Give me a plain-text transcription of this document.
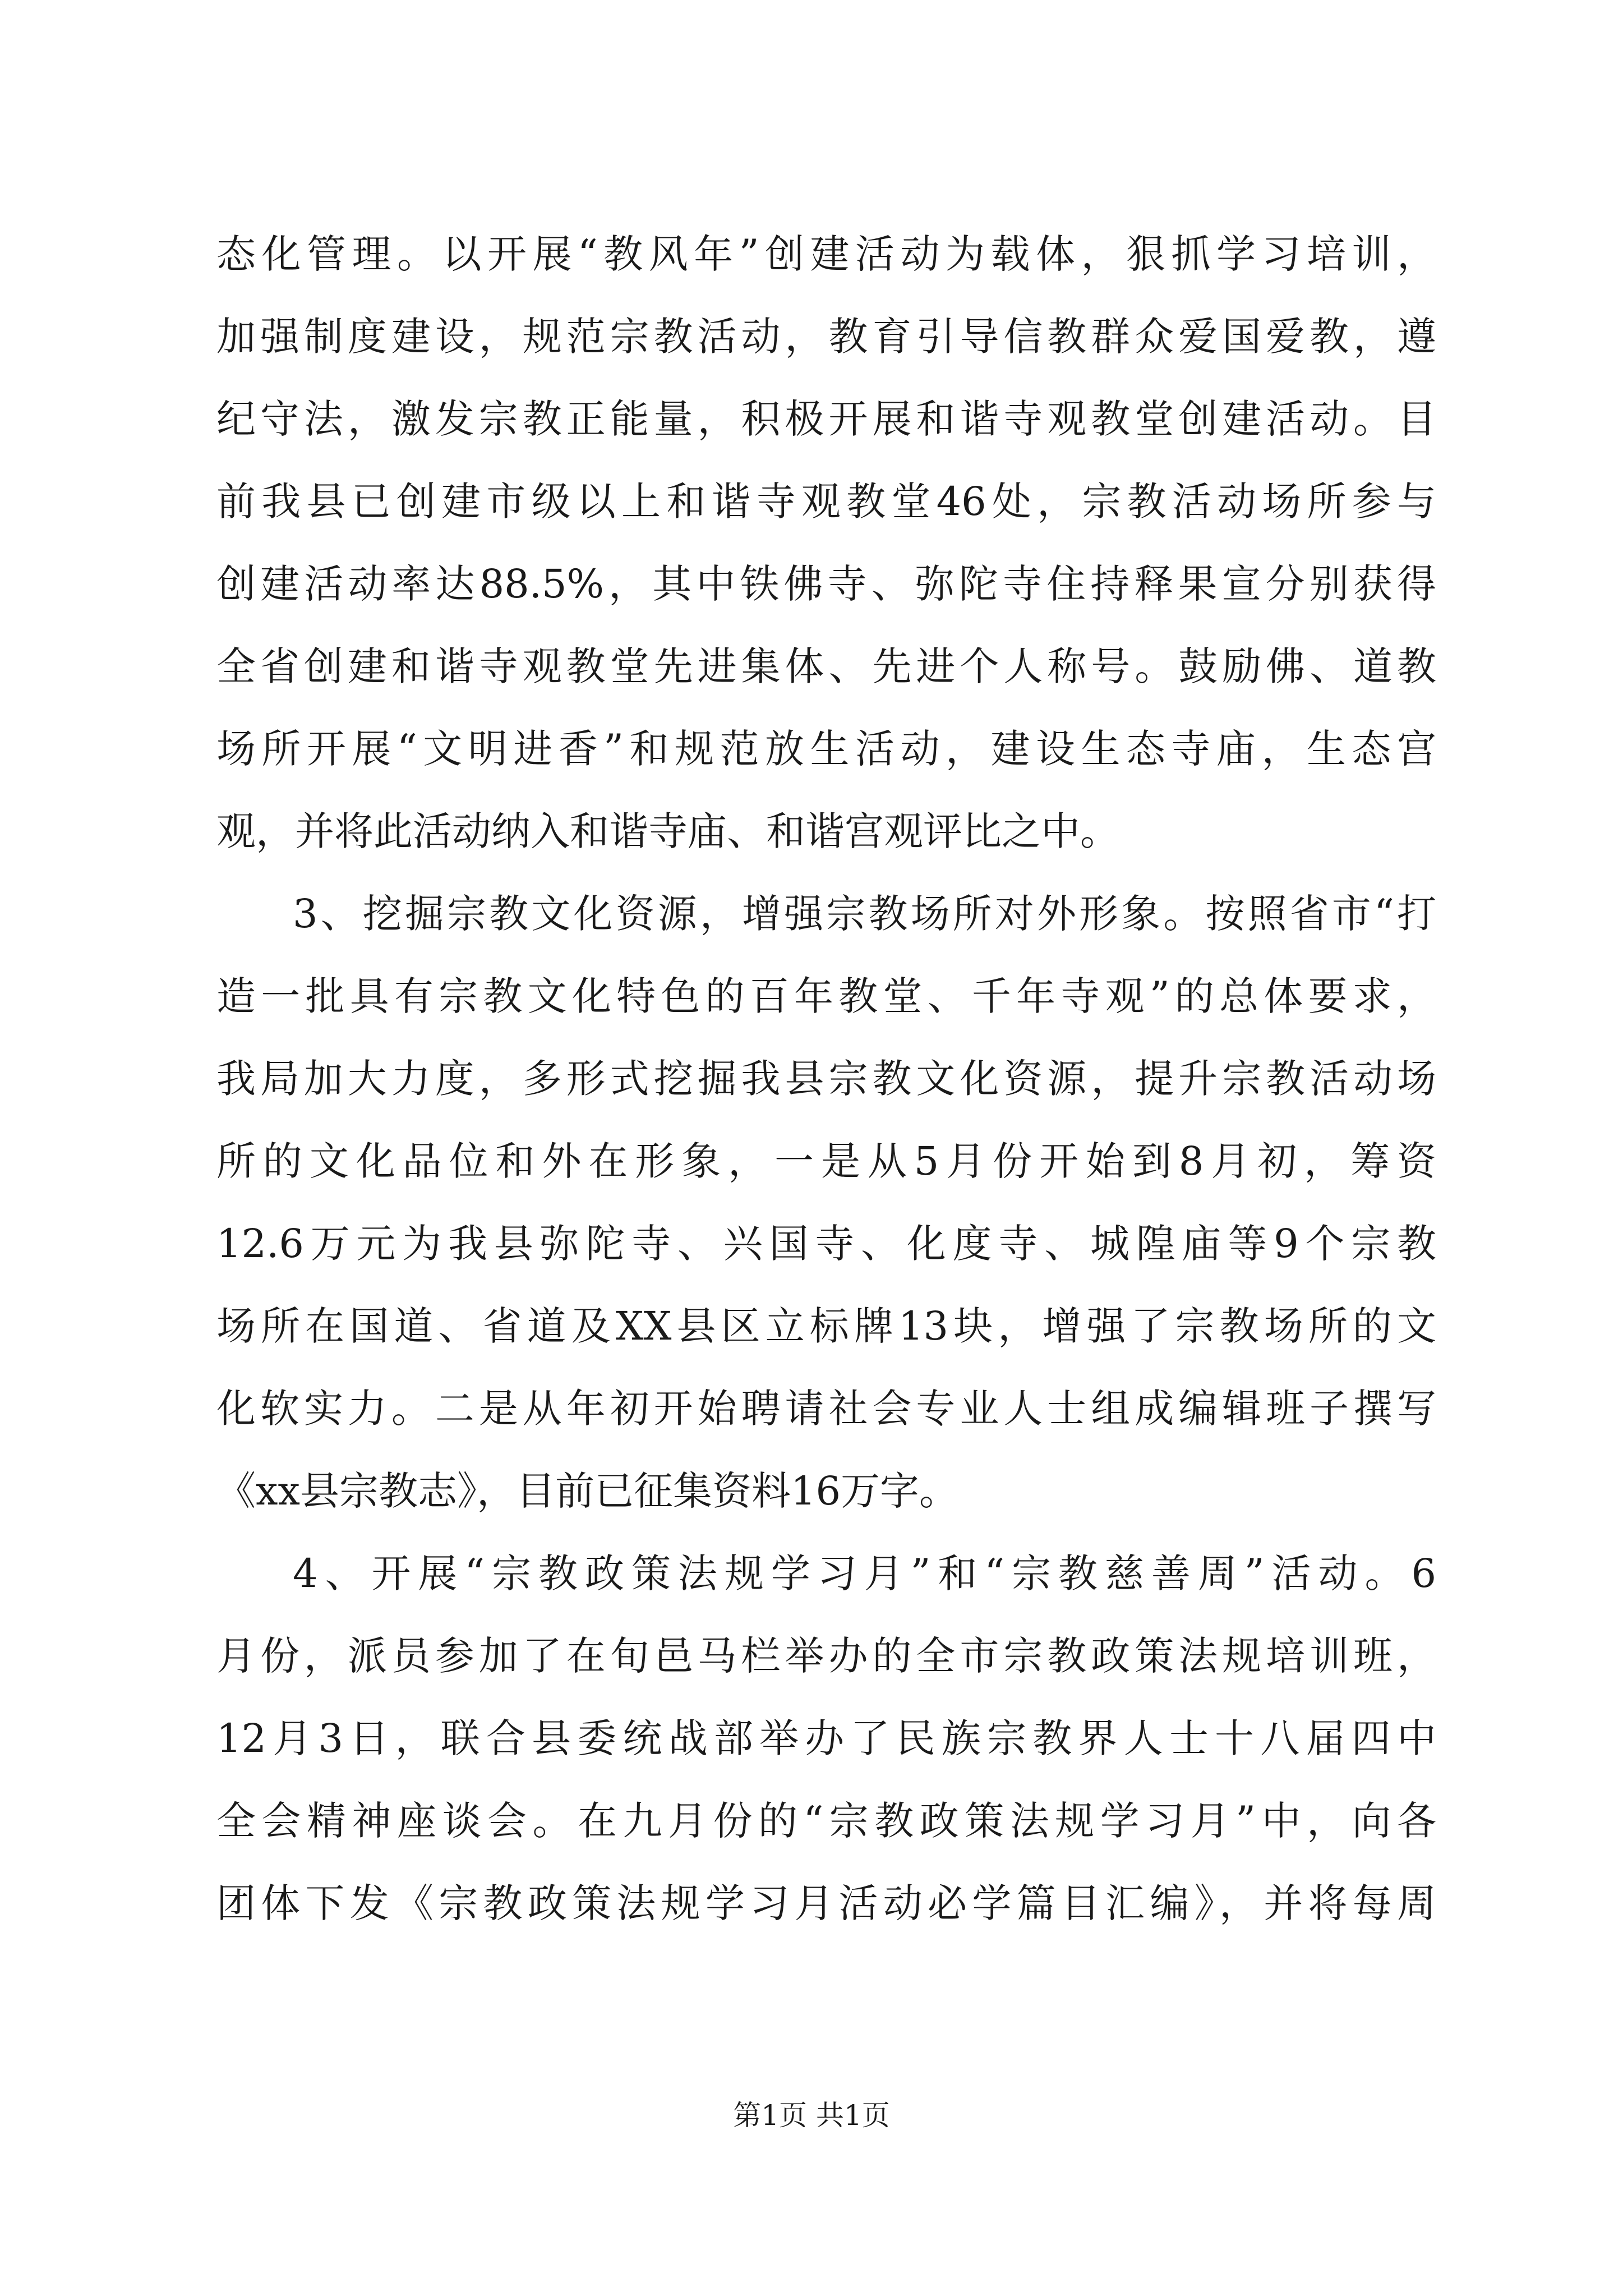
态化管理。以开展“教风年”创建活动为载体，狠抓学习培训，
加强制度建设，规范宗教活动，教育引导信教群众爱国爱教，遵
纪守法，激发宗教正能量，积极开展和谐寺观教堂创建活动。目
前我县已创建市级以上和谐寺观教堂46处，宗教活动场所参与
创建活动率达88.5%，其中铁佛寺、弥陀寺住持释果宣分别获得
全省创建和谐寺观教堂先进集体、先进个人称号。鼓励佛、道教
场所开展“文明进香”和规范放生活动，建设生态寺庙，生态宫
观，并将此活动纳入和谐寺庙、和谐宫观评比之中。
3、挖掘宗教文化资源，增强宗教场所对外形象。按照省市“打
造一批具有宗教文化特色的百年教堂、千年寺观”的总体要求，
我局加大力度，多形式挖掘我县宗教文化资源，提升宗教活动场
所的文化品位和外在形象，一是从5月份开始到8月初，筹资
12.6万元为我县弥陀寺、兴国寺、化度寺、城隍庙等9个宗教
场所在国道、省道及XX县区立标牌13块，增强了宗教场所的文
化软实力。二是从年初开始聘请社会专业人士组成编辑班子撰写
《xx县宗教志》，目前已征集资料16万字。
4、开展“宗教政策法规学习月”和“宗教慈善周”活动。6
月份，派员参加了在旬邑马栏举办的全市宗教政策法规培训班，
12月3日，联合县委统战部举办了民族宗教界人士十八届四中
全会精神座谈会。在九月份的“宗教政策法规学习月”中，向各
团体下发《宗教政策法规学习月活动必学篇目汇编》，并将每周
第1页 共1页
